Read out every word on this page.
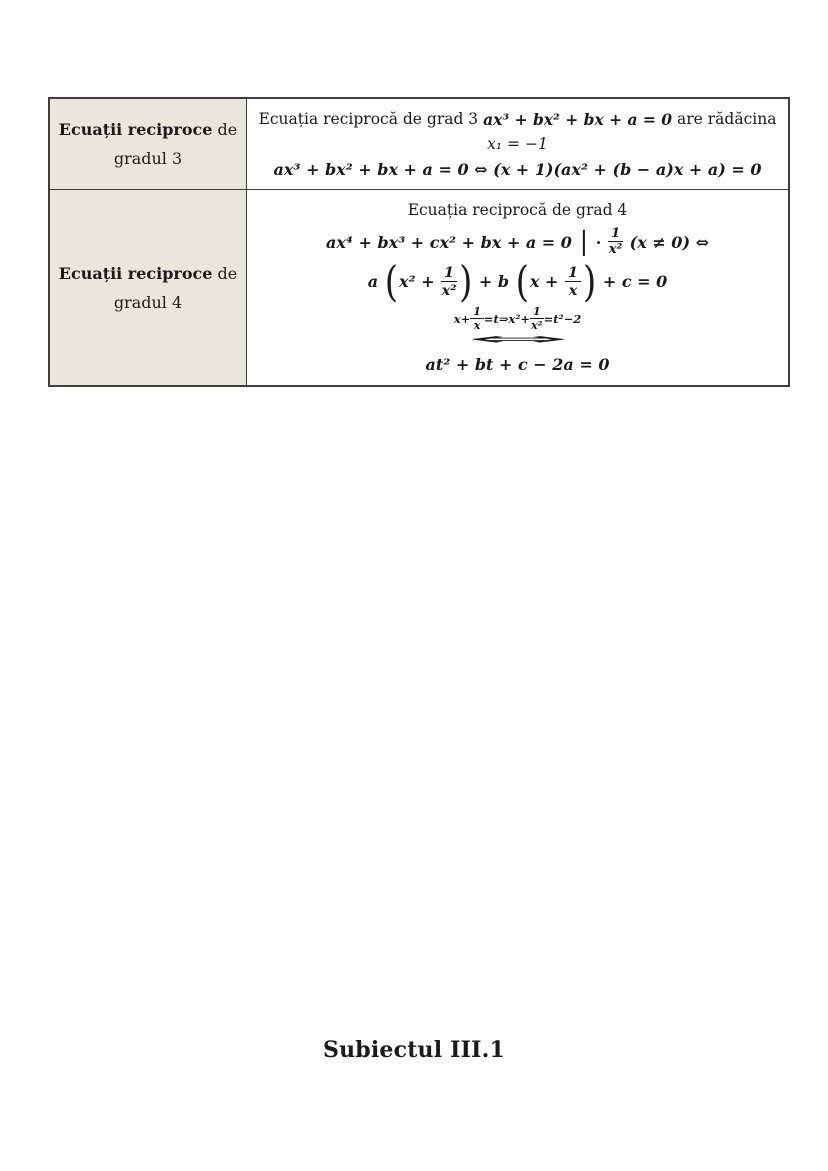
Ecuații reciproce de
gradul 3
Ecuația reciprocă de grad 3 ax³ + bx² + bx + a = 0 are rădăcina
x₁ = −1
ax³ + bx² + bx + a = 0 ⇔ (x + 1)(ax² + (b − a)x + a) = 0
Ecuații reciproce de
gradul 4
Ecuația reciprocă de grad 4
ax⁴ + bx³ + cx² + bx + a = 0 | · $\frac{1}{\text{x²}} (x \ne 0)$ ⇔
a ( $x^2 + \frac{1}{\text{x²}}$ ) + b ( $x + \frac{1}{x}$ ) + c = 0
$x+ \frac{1}{x}$ =t⇒x²+ $\frac{1}{\text{x²}} =t^2-2$
⇔
at² + bt + c − 2a = 0
Subiectul III.1
